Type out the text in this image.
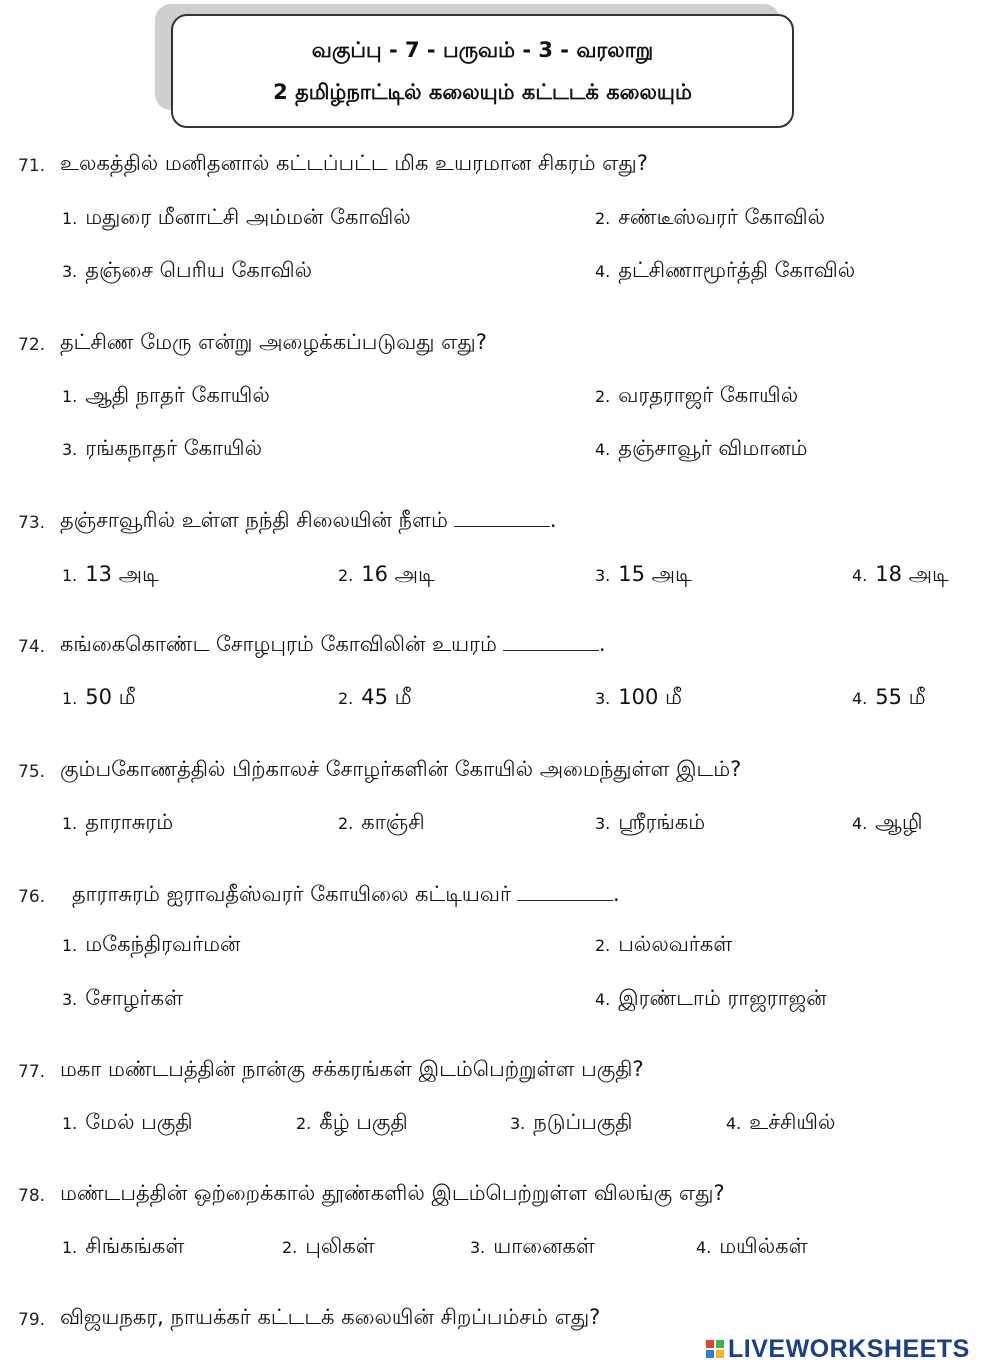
வகுப்பு - 7 - பருவம் - 3 - வரலாறு
2 தமிழ்நாட்டில் கலையும் கட்டடக் கலையும்
71. உலகத்தில் மனிதனால் கட்டப்பட்ட மிக உயரமான சிகரம் எது?
1. மதுரை மீனாட்சி அம்மன் கோவில்	2. சண்டீஸ்வரர் கோவில்
3. தஞ்சை பெரிய கோவில்	4. தட்சிணாமூர்த்தி கோவில்
72. தட்சிண மேரு என்று அழைக்கப்படுவது எது?
1. ஆதி நாதர் கோயில்	2. வரதராஜர் கோயில்
3. ரங்கநாதர் கோயில்	4. தஞ்சாவூர் விமானம்
73. தஞ்சாவூரில் உள்ள நந்தி சிலையின் நீளம்	.
1. 13 அடி	2. 16 அடி	3. 15 அடி	4. 18 அடி
74. கங்கைகொண்ட சோழபுரம் கோவிலின் உயரம்	.
1. 50 மீ	2. 45 மீ	3. 100 மீ	4. 55 மீ
75. கும்பகோணத்தில் பிற்காலச் சோழர்களின் கோயில் அமைந்துள்ள இடம்?
1. தாராசுரம்	2. காஞ்சி	3. ஸ்ரீரங்கம்	4. ஆழி
76. தாராசுரம் ஐராவதீஸ்வரர் கோயிலை கட்டியவர்	.
1. மகேந்திரவர்மன்	2. பல்லவர்கள்
3. சோழர்கள்	4. இரண்டாம் ராஜராஜன்
77. மகா மண்டபத்தின் நான்கு சக்கரங்கள் இடம்பெற்றுள்ள பகுதி?
1. மேல் பகுதி	2. கீழ் பகுதி	3. நடுப்பகுதி	4. உச்சியில்
78. மண்டபத்தின் ஒற்றைக்கால் தூண்களில் இடம்பெற்றுள்ள விலங்கு எது?
1. சிங்கங்கள்	2. புலிகள்	3. யானைகள்	4. மயில்கள்
79. விஜயநகர, நாயக்கர் கட்டடக் கலையின் சிறப்பம்சம் எது?
LIVEWORKSHEETS
